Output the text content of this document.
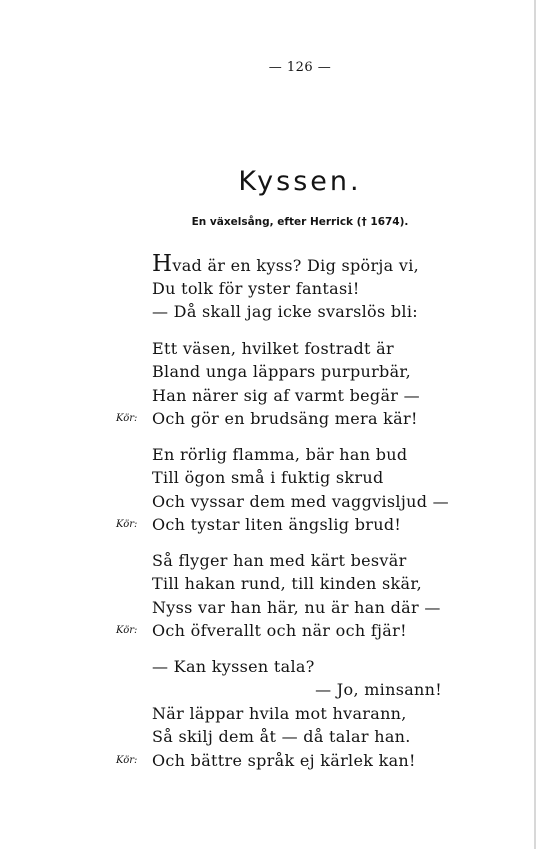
— 126 —
Kyssen.
En växelsång, efter Herrick († 1674).
Hvad är en kyss? Dig spörja vi,
Du tolk för yster fantasi!
— Då skall jag icke svarslös bli:
Ett väsen, hvilket fostradt är
Bland unga läppars purpurbär,
Han närer sig af varmt begär —
Kör: Och gör en brudsäng mera kär!
En rörlig flamma, bär han bud
Till ögon små i fuktig skrud
Och vyssar dem med vaggvisljud —
Kör: Och tystar liten ängslig brud!
Så flyger han med kärt besvär
Till hakan rund, till kinden skär,
Nyss var han här, nu är han där —
Kör: Och öfverallt och när och fjär!
— Kan kyssen tala?
— Jo, minsann!
När läppar hvila mot hvarann,
Så skilj dem åt — då talar han.
Kör: Och bättre språk ej kärlek kan!
